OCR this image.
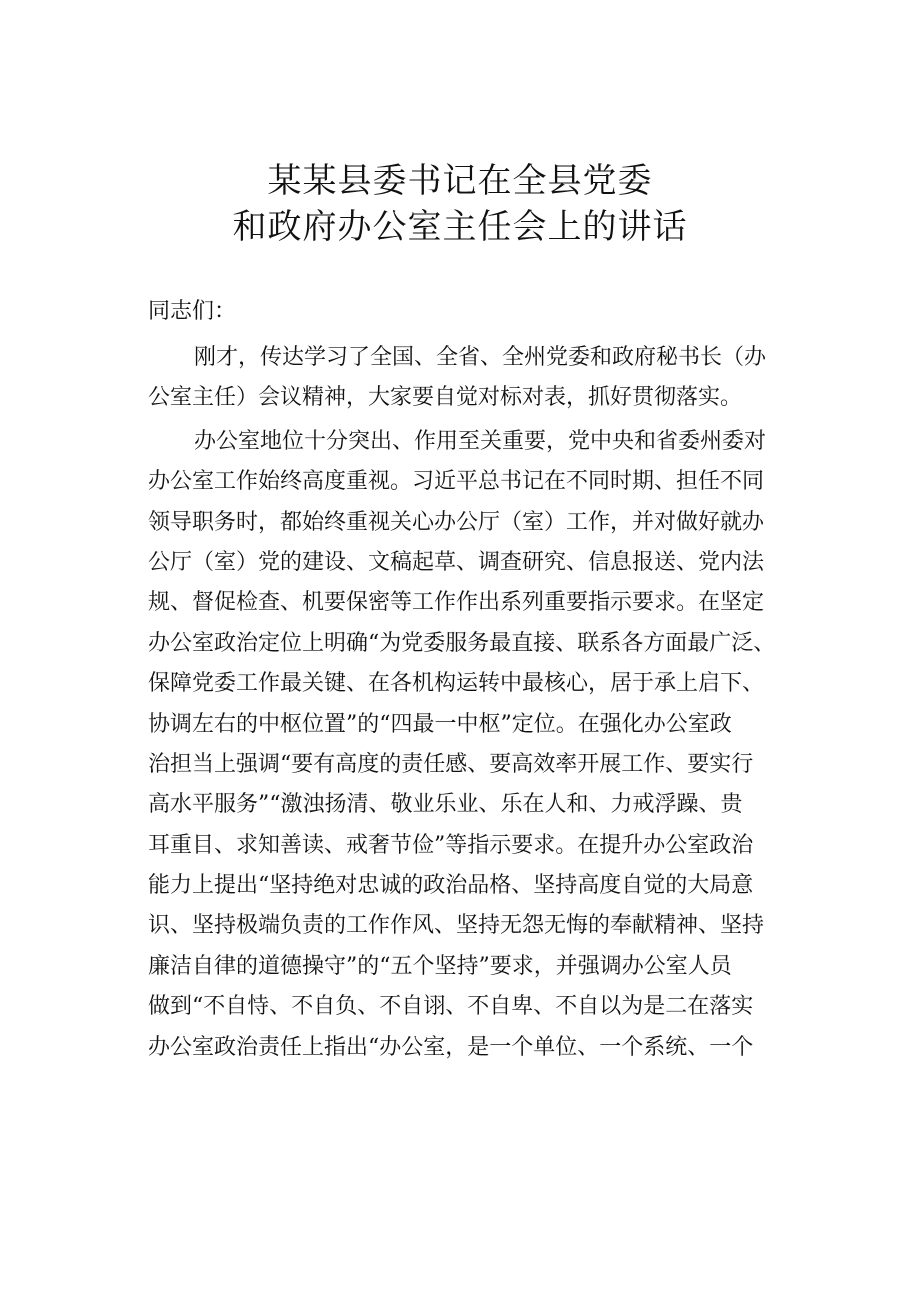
某某县委书记在全县党委
和政府办公室主任会上的讲话
同志们：
刚才，传达学习了全国、全省、全州党委和政府秘书长（办
公室主任）会议精神，大家要自觉对标对表，抓好贯彻落实。
办公室地位十分突出、作用至关重要，党中央和省委州委对
办公室工作始终高度重视。习近平总书记在不同时期、担任不同
领导职务时，都始终重视关心办公厅（室）工作，并对做好就办
公厅（室）党的建设、文稿起草、调查研究、信息报送、党内法
规、督促检查、机要保密等工作作出系列重要指示要求。在坚定
办公室政治定位上明确“为党委服务最直接、联系各方面最广泛、
保障党委工作最关键、在各机构运转中最核心，居于承上启下、
协调左右的中枢位置”的“四最一中枢”定位。在强化办公室政
治担当上强调“要有高度的责任感、要高效率开展工作、要实行
高水平服务”“激浊扬清、敬业乐业、乐在人和、力戒浮躁、贵
耳重目、求知善读、戒奢节俭”等指示要求。在提升办公室政治
能力上提出“坚持绝对忠诚的政治品格、坚持高度自觉的大局意
识、坚持极端负责的工作作风、坚持无怨无悔的奉献精神、坚持
廉洁自律的道德操守”的“五个坚持”要求，并强调办公室人员
做到“不自恃、不自负、不自诩、不自卑、不自以为是二在落实
办公室政治责任上指出“办公室，是一个单位、一个系统、一个
